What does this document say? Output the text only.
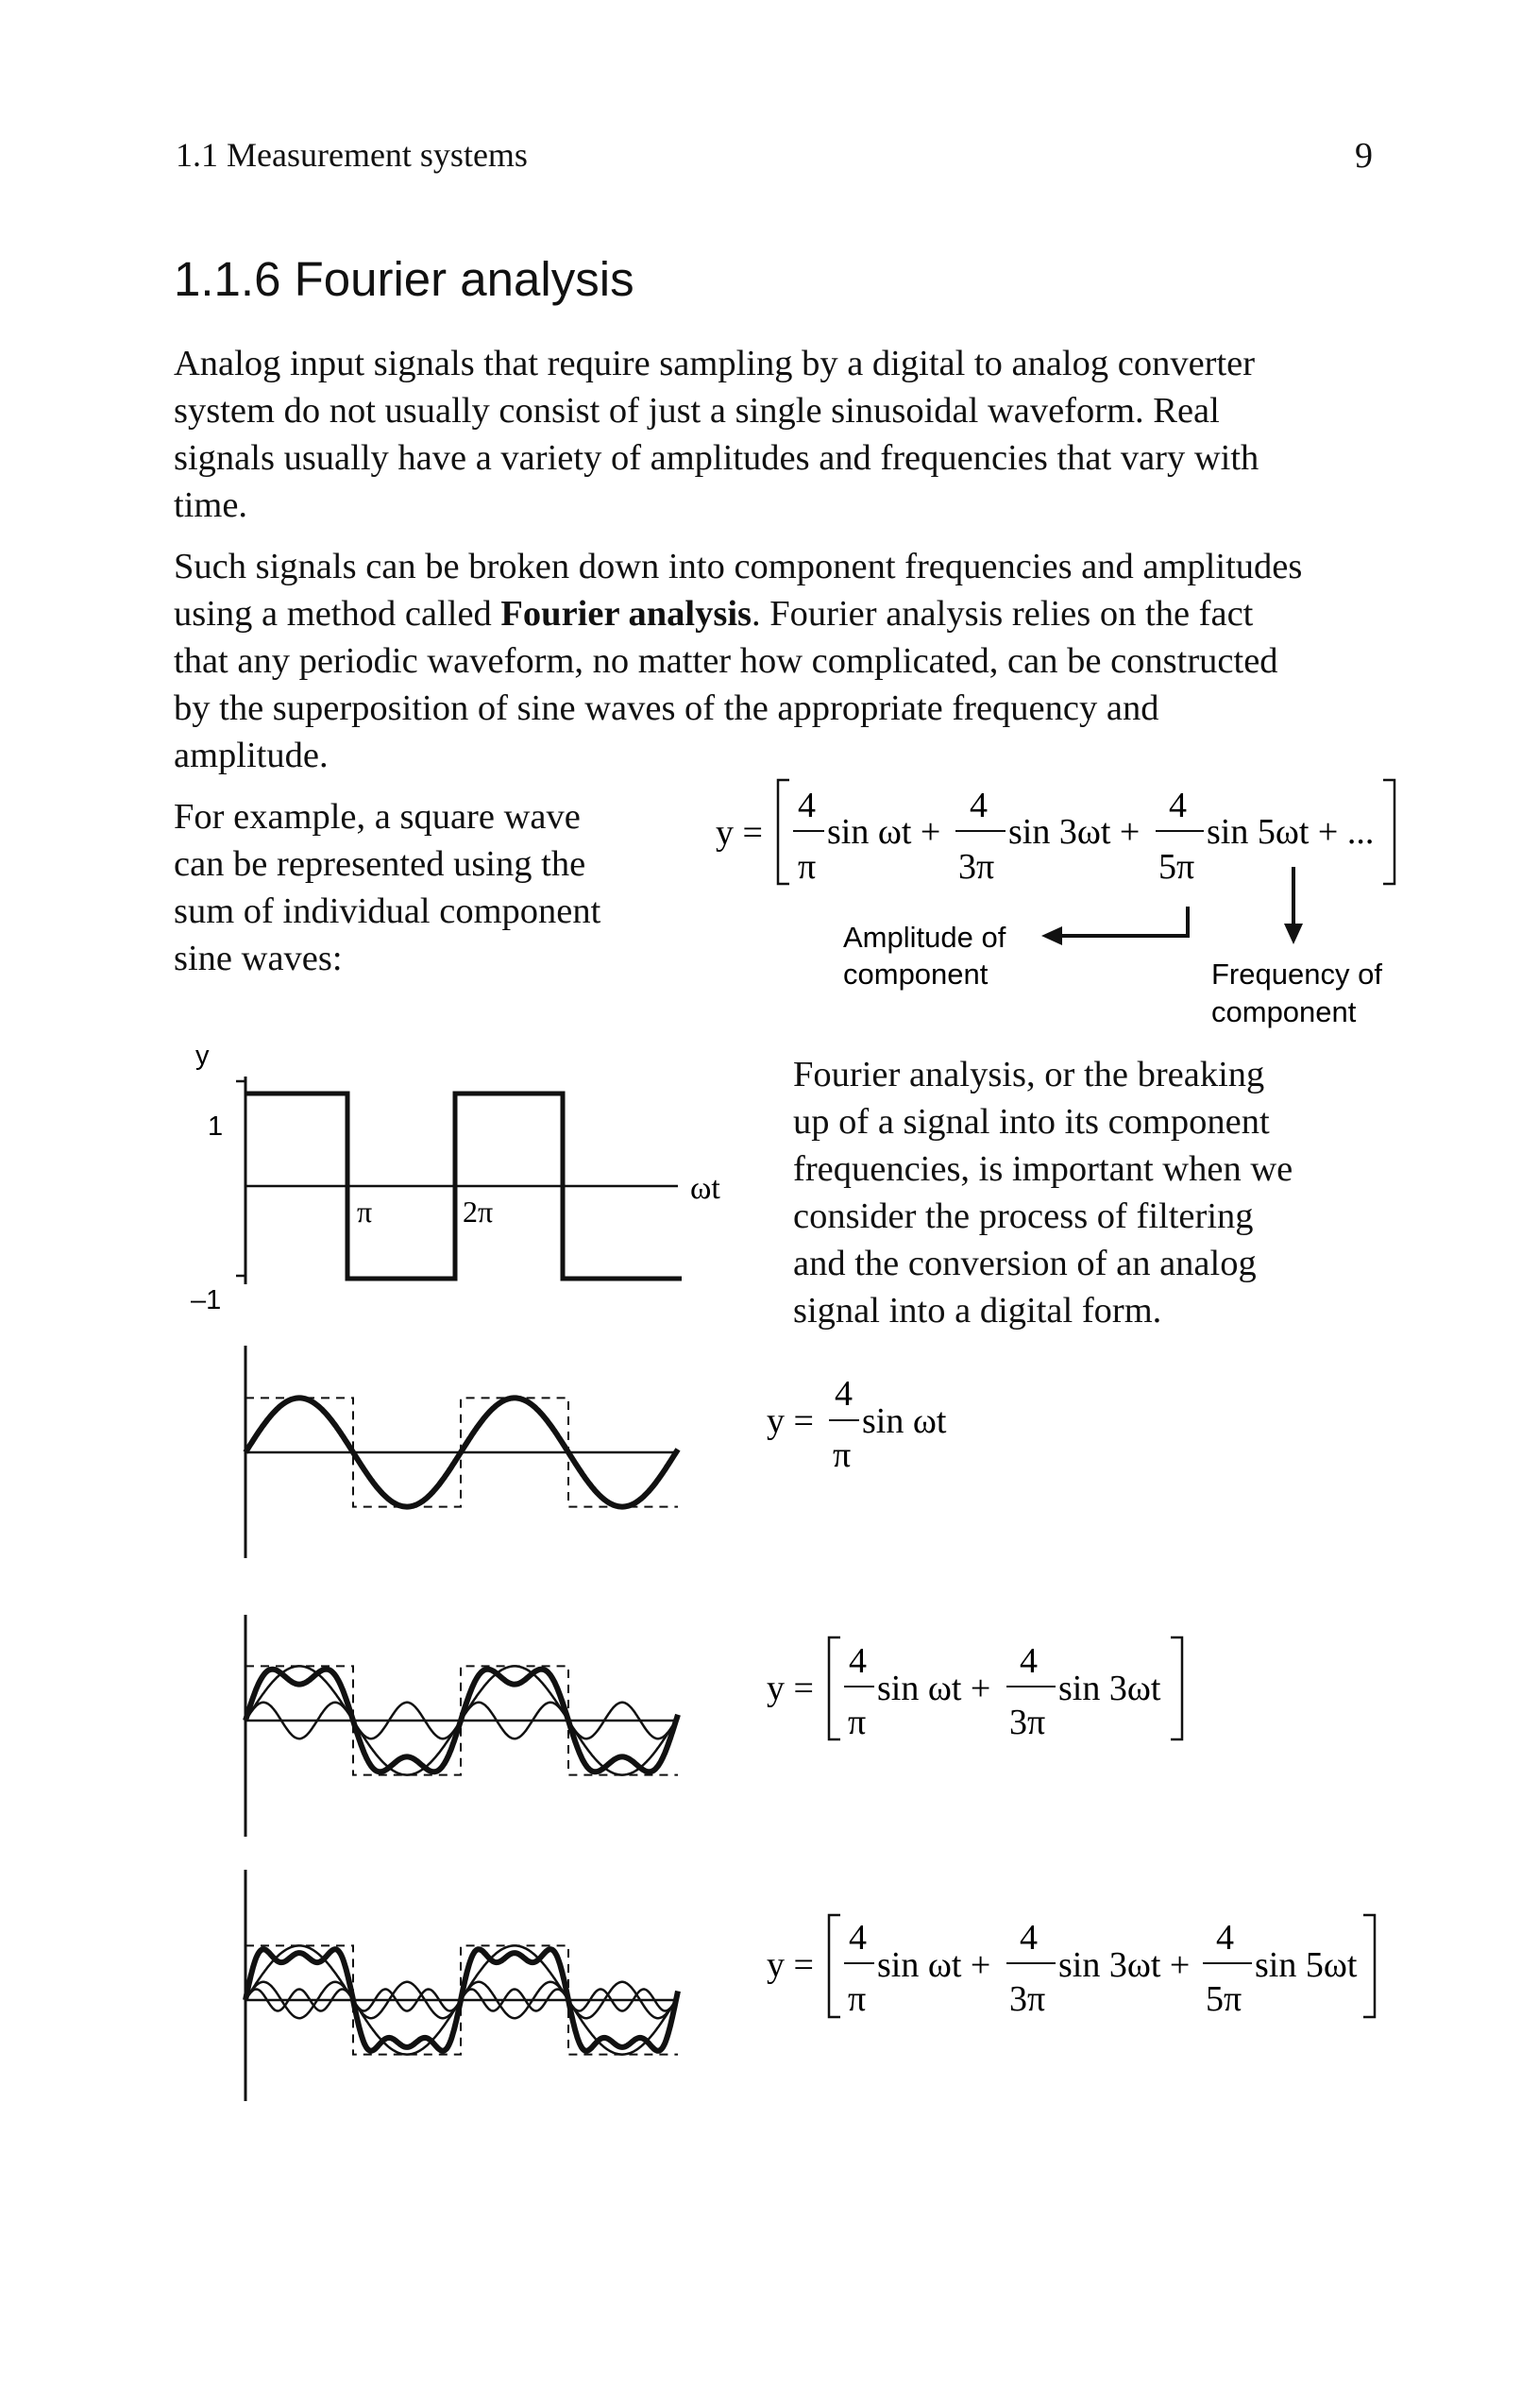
1.1 Measurement systems	9
1.1.6 Fourier analysis

Analog input signals that require sampling by a digital to analog converter
system do not usually consist of just a single sinusoidal waveform. Real
signals usually have a variety of amplitudes and frequencies that vary with
time.

Such signals can be broken down into component frequencies and amplitudes
using a method called Fourier analysis. Fourier analysis relies on the fact
that any periodic waveform, no matter how complicated, can be constructed
by the superposition of sine waves of the appropriate frequency and
amplitude.

For example, a square wave
can be represented using the
sum of individual component
sine waves:

Fourier analysis, or the breaking
up of a signal into its component
frequencies, is important when we
consider the process of filtering
and the conversion of an analog
signal into a digital form.

y =
4
π
sin ωt +
4
3π
sin 3ωt +
4
5π
sin 5ωt + ...
Amplitude of
component	Frequency of
component
y
1
–1
ωt
π	2π
y =
4
π
sin ωt
y =
4
π
sin ωt +
4
3π
sin 3ωt
y =
4
π
sin ωt +
4
3π
sin 3ωt +
4
5π
sin 5ωt
